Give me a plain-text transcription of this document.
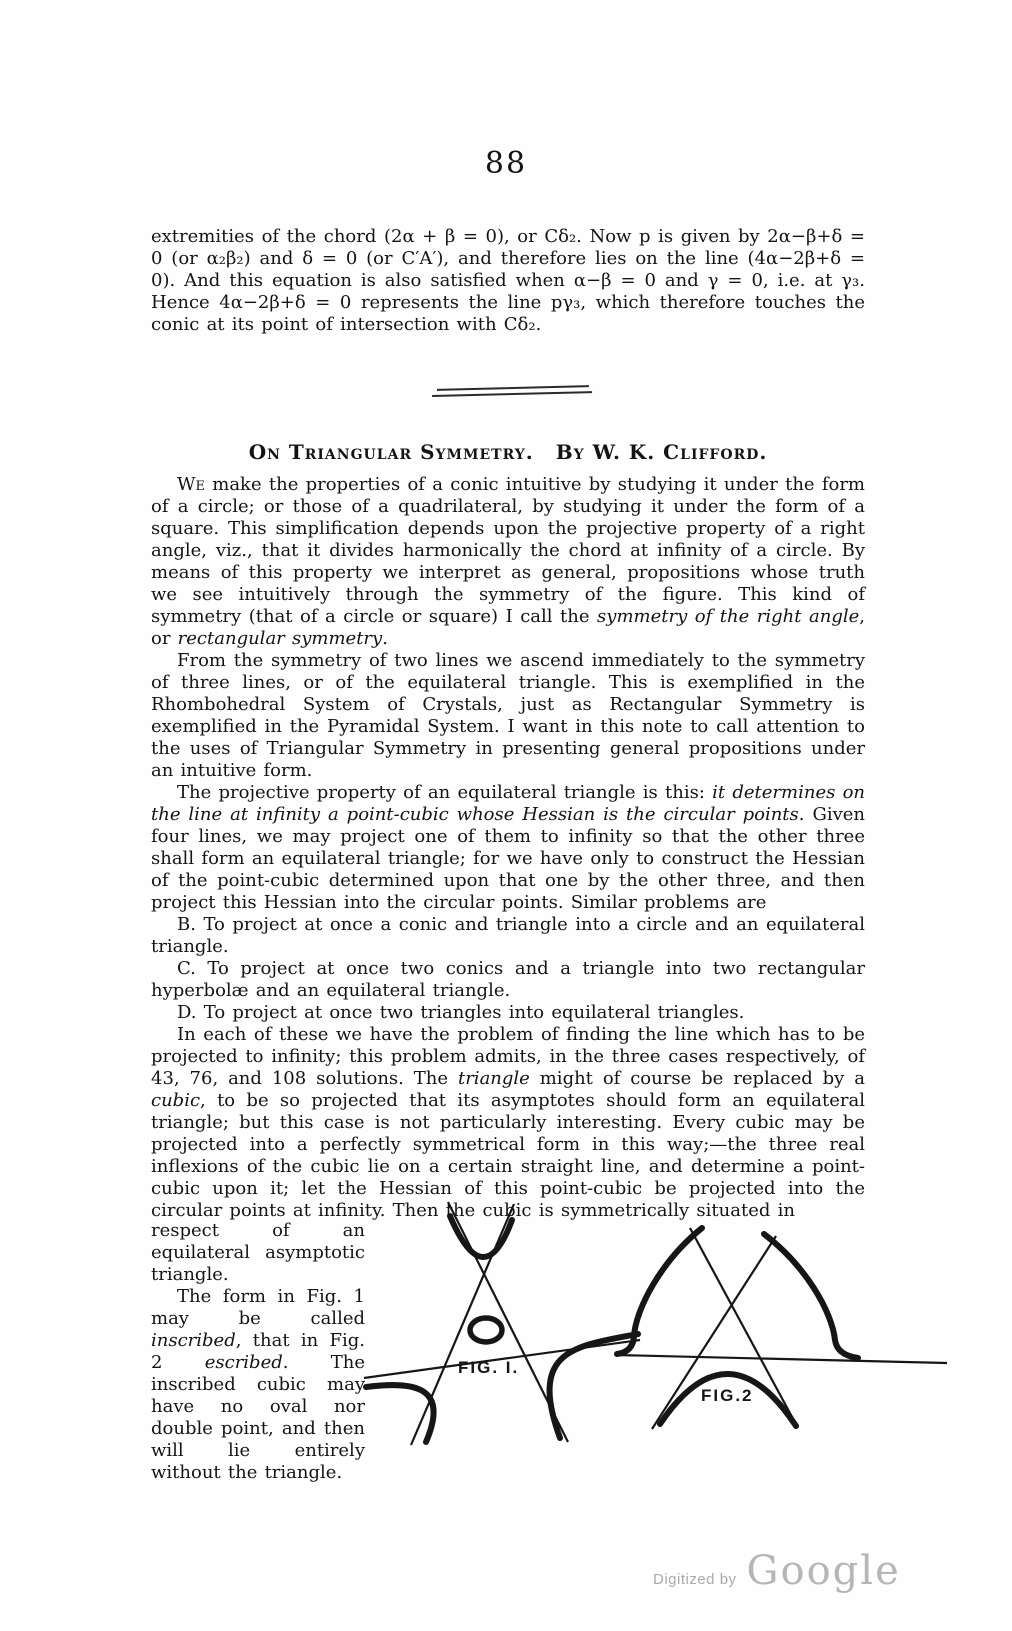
88

extremities of the chord (2α + β = 0), or Cδ₂. Now p is given by 2α−β+δ = 0 (or α₂β₂) and δ = 0 (or C′A′), and therefore lies on the line (4α−2β+δ = 0). And this equation is also satisfied when α−β = 0 and γ = 0, i.e. at γ₃. Hence 4α−2β+δ = 0 represents the line pγ₃, which therefore touches the conic at its point of intersection with Cδ₂.

On Triangular Symmetry.  By W. K. Clifford.

We make the properties of a conic intuitive by studying it under the form of a circle; or those of a quadrilateral, by studying it under the form of a square. This simplification depends upon the projective property of a right angle, viz., that it divides harmonically the chord at infinity of a circle. By means of this property we interpret as general, propositions whose truth we see intuitively through the symmetry of the figure. This kind of symmetry (that of a circle or square) I call the symmetry of the right angle, or rectangular symmetry.

From the symmetry of two lines we ascend immediately to the symmetry of three lines, or of the equilateral triangle. This is exemplified in the Rhombohedral System of Crystals, just as Rectangular Symmetry is exemplified in the Pyramidal System. I want in this note to call attention to the uses of Triangular Symmetry in presenting general propositions under an intuitive form.

The projective property of an equilateral triangle is this: it determines on the line at infinity a point-cubic whose Hessian is the circular points. Given four lines, we may project one of them to infinity so that the other three shall form an equilateral triangle; for we have only to construct the Hessian of the point-cubic determined upon that one by the other three, and then project this Hessian into the circular points. Similar problems are

B. To project at once a conic and triangle into a circle and an equilateral triangle.

C. To project at once two conics and a triangle into two rectangular hyperbolæ and an equilateral triangle.

D. To project at once two triangles into equilateral triangles.

In each of these we have the problem of finding the line which has to be projected to infinity; this problem admits, in the three cases respectively, of 43, 76, and 108 solutions. The triangle might of course be replaced by a cubic, to be so projected that its asymptotes should form an equilateral triangle; but this case is not particularly interesting. Every cubic may be projected into a perfectly symmetrical form in this way;—the three real inflexions of the cubic lie on a certain straight line, and determine a point-cubic upon it; let the Hessian of this point-cubic be projected into the circular points at infinity. Then the cubic is symmetrically situated in

respect of an equilateral asymptotic triangle.

The form in Fig. 1 may be called inscribed, that in Fig. 2 escribed. The inscribed cubic may have no oval nor double point, and then will lie entirely without the triangle.

FIG. I.
FIG.2
Digitized by Google
